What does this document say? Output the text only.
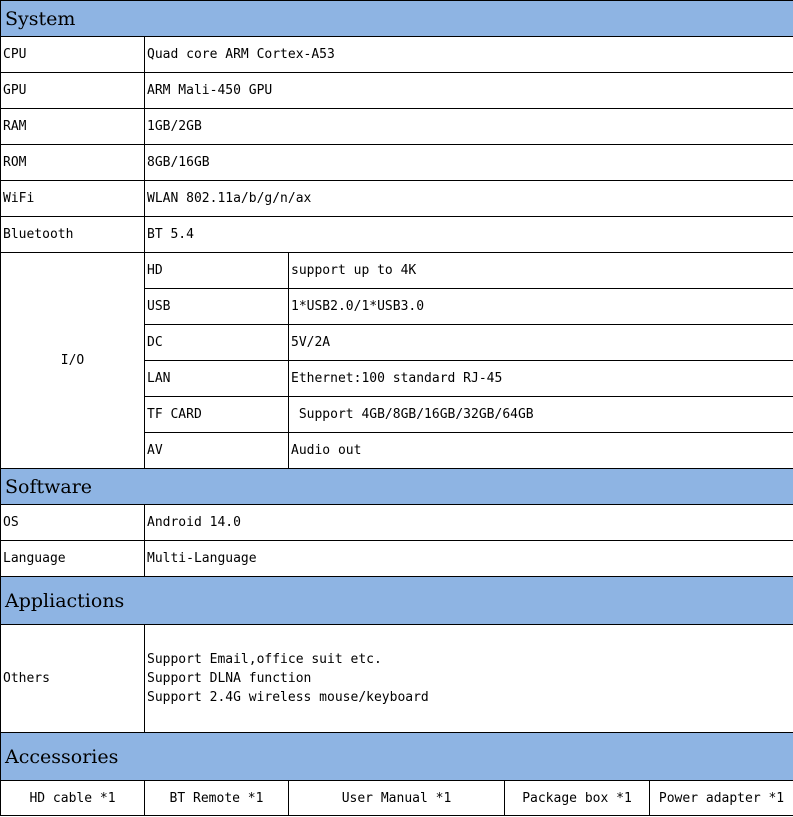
System			
CPU	Quad core ARM Cortex-A53		
GPU	ARM Mali-450 GPU		
RAM	1GB/2GB		
ROM	8GB/16GB		
WiFi	WLAN 802.11a/b/g/n/ax		
Bluetooth	BT 5.4		
I/O	HD	support up to 4K	
	USB	1*USB2.0/1*USB3.0	
	DC	5V/2A	
	LAN	Ethernet:100 standard RJ-45	
	TF CARD	Support 4GB/8GB/16GB/32GB/64GB	
	AV	Audio out	
Software			
OS	Android 14.0		
Language	Multi-Language		
Appliactions			
Others	Support Email,office suit etc.
Support DLNA function
Support 2.4G wireless mouse/keyboard		

Accessories			
HD cable *1	BT Remote *1	User Manual *1	Package box *1 Power adapter *1
